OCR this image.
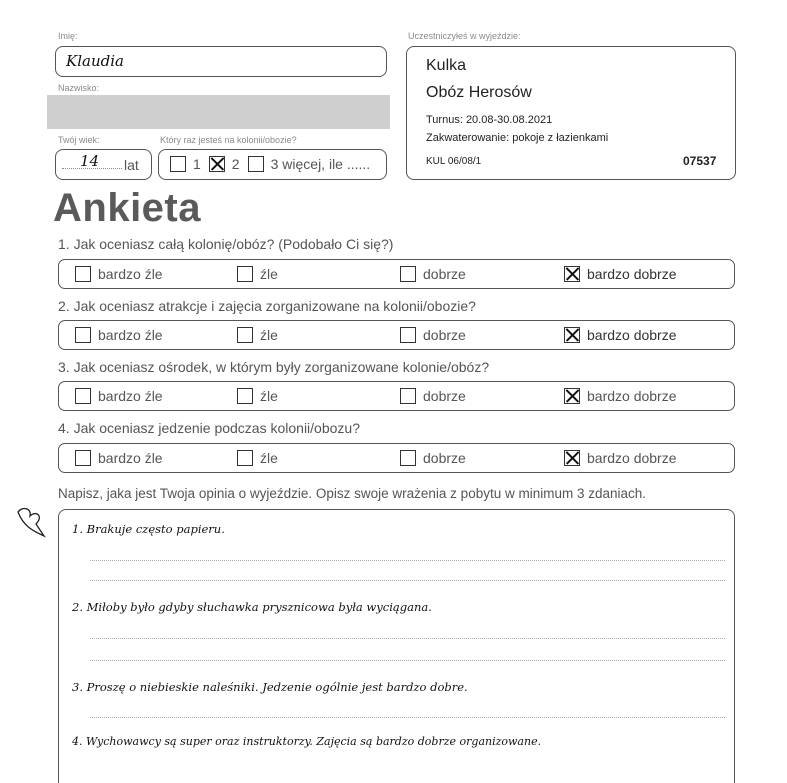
Imię:
Klaudia
Nazwisko:
Twój wiek:
14 lat
Który raz jesteś na kolonii/obozie?
1 2 3 więcej, ile ......
Uczestniczyłeś w wyjeździe:
Kulka
Obóz Herosów
Turnus: 20.08-30.08.2021
Zakwaterowanie: pokoje z łazienkami
KUL 06/08/1	07537
Ankieta
1. Jak oceniasz całą kolonię/obóz? (Podobało Ci się?)
bardzo źle	źle	dobrze	bardzo dobrze
2. Jak oceniasz atrakcje i zajęcia zorganizowane na kolonii/obozie?
bardzo źle	źle	dobrze	bardzo dobrze
3. Jak oceniasz ośrodek, w którym były zorganizowane kolonie/obóz?
bardzo źle	źle	dobrze	bardzo dobrze
4. Jak oceniasz jedzenie podczas kolonii/obozu?
bardzo źle	źle	dobrze	bardzo dobrze
Napisz, jaka jest Twoja opinia o wyjeździe. Opisz swoje wrażenia z pobytu w minimum 3 zdaniach.
1. Brakuje często papieru.
2. Miłoby było gdyby słuchawka prysznicowa była wyciągana.
3. Proszę o niebieskie naleśniki. Jedzenie ogólnie jest bardzo dobre.
4. Wychowawcy są super oraz instruktorzy. Zajęcia są bardzo dobrze organizowane.
